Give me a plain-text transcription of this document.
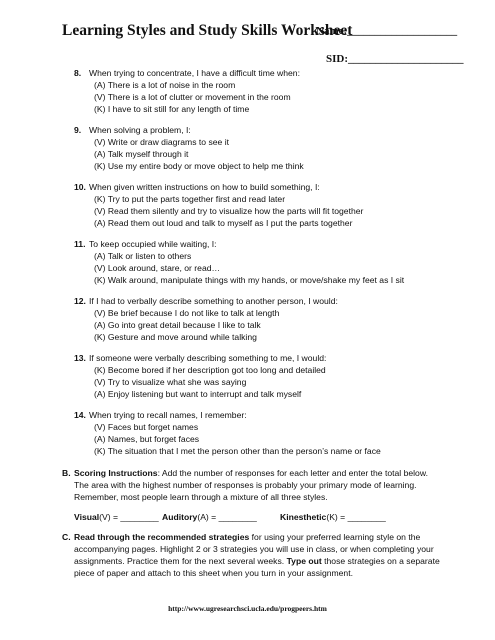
Learning Styles and Study Skills Worksheet
Name:____________________
SID:_____________________
8. When trying to concentrate, I have a difficult time when:
(A) There is a lot of noise in the room
(V) There is a lot of clutter or movement in the room
(K) I have to sit still for any length of time
9. When solving a problem, I:
(V) Write or draw diagrams to see it
(A) Talk myself through it
(K) Use my entire body or move object to help me think
10. When given written instructions on how to build something, I:
(K) Try to put the parts together first and read later
(V) Read them silently and try to visualize how the parts will fit together
(A) Read them out loud and talk to myself as I put the parts together
11. To keep occupied while waiting, I:
(A) Talk or listen to others
(V) Look around, stare, or read…
(K) Walk around, manipulate things with my hands, or move/shake my feet as I sit
12. If I had to verbally describe something to another person, I would:
(V) Be brief because I do not like to talk at length
(A) Go into great detail because I like to talk
(K) Gesture and move around while talking
13. If someone were verbally describing something to me, I would:
(K) Become bored if her description got too long and detailed
(V) Try to visualize what she was saying
(A) Enjoy listening but want to interrupt and talk myself
14. When trying to recall names, I remember:
(V) Faces but forget names
(A) Names, but forget faces
(K) The situation that I met the person other than the person’s name or face
B. Scoring Instructions: Add the number of responses for each letter and enter the total below. The area with the highest number of responses is probably your primary mode of learning. Remember, most people learn through a mixture of all three styles.
Visual(V) = ________ Auditory(A) = ________	Kinesthetic(K) = ________
C. Read through the recommended strategies for using your preferred learning style on the accompanying pages. Highlight 2 or 3 strategies you will use in class, or when completing your assignments. Practice them for the next several weeks. Type out those strategies on a separate piece of paper and attach to this sheet when you turn in your assignment.
http://www.ugresearchsci.ucla.edu/progpeers.htm
